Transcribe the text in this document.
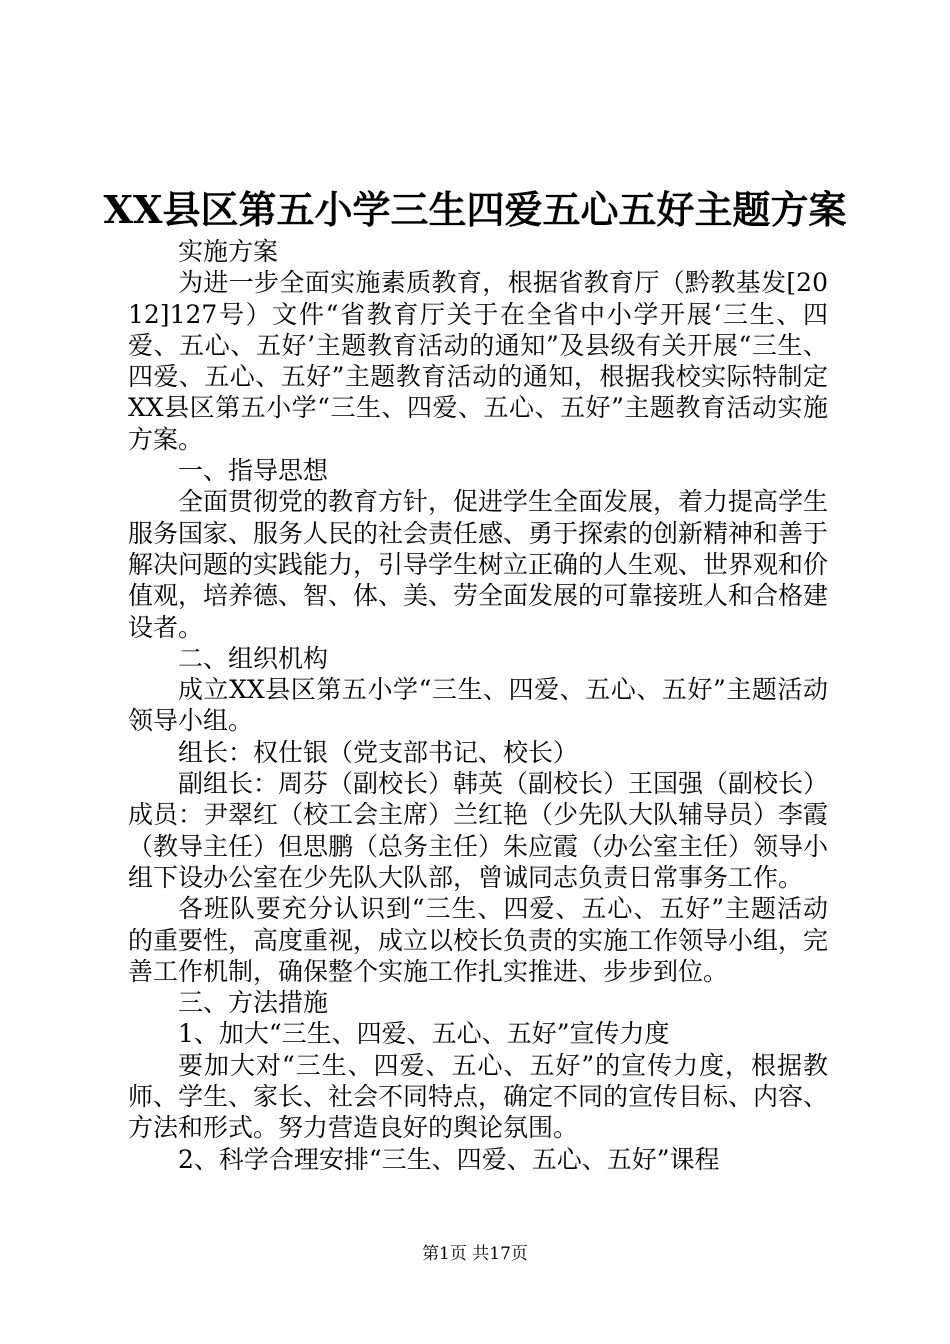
XX县区第五小学三生四爱五心五好主题方案

实施方案

为进一步全面实施素质教育，根据省教育厅（黔教基发[2012]127号）文件“省教育厅关于在全省中小学开展‘三生、四爱、五心、五好’主题教育活动的通知”及县级有关开展“三生、四爱、五心、五好”主题教育活动的通知，根据我校实际特制定XX县区第五小学“三生、四爱、五心、五好”主题教育活动实施方案。

一、指导思想

全面贯彻党的教育方针，促进学生全面发展，着力提高学生服务国家、服务人民的社会责任感、勇于探索的创新精神和善于解决问题的实践能力，引导学生树立正确的人生观、世界观和价值观，培养德、智、体、美、劳全面发展的可靠接班人和合格建设者。

二、组织机构

成立XX县区第五小学“三生、四爱、五心、五好”主题活动领导小组。

组长：权仕银（党支部书记、校长）

副组长：周芬（副校长）韩英（副校长）王国强（副校长）成员：尹翠红（校工会主席）兰红艳（少先队大队辅导员）李霞（教导主任）但思鹏（总务主任）朱应霞（办公室主任）领导小组下设办公室在少先队大队部，曾诚同志负责日常事务工作。

各班队要充分认识到“三生、四爱、五心、五好”主题活动的重要性，高度重视，成立以校长负责的实施工作领导小组，完善工作机制，确保整个实施工作扎实推进、步步到位。

三、方法措施

1、加大“三生、四爱、五心、五好”宣传力度

要加大对“三生、四爱、五心、五好”的宣传力度，根据教师、学生、家长、社会不同特点，确定不同的宣传目标、内容、方法和形式。努力营造良好的舆论氛围。

2、科学合理安排“三生、四爱、五心、五好”课程

第1页 共17页
